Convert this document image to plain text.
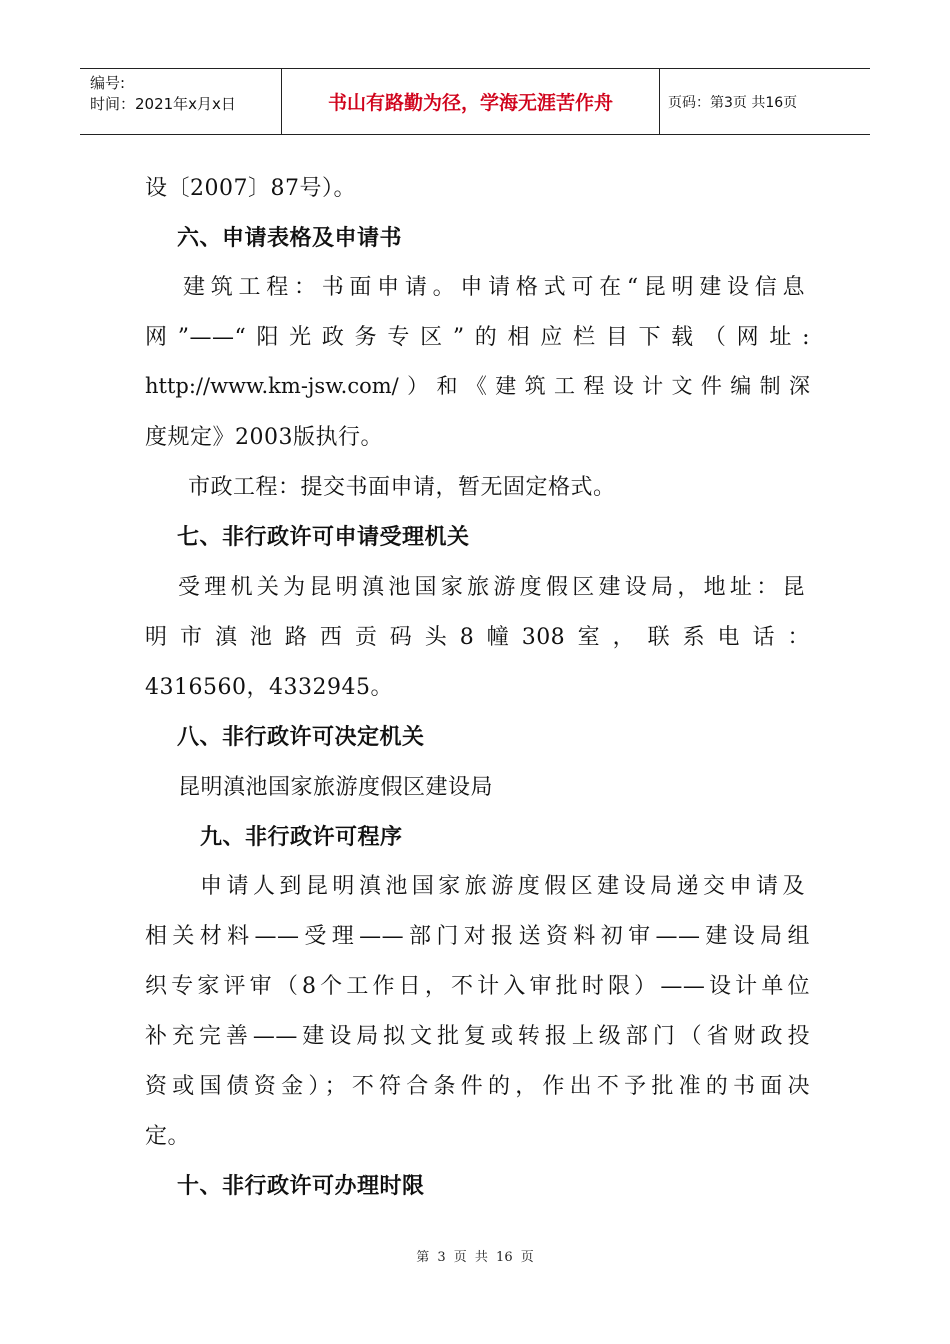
编号:
时间：2021年x月x日	书山有路勤为径，学海无涯苦作舟	页码：第3页 共16页

设〔2007〕87号）。

六、申请表格及申请书

建筑工程：书面申请。申请格式可在“昆明建设信息

网”——“阳光政务专区”的相应栏目下载（网址:

http://www.km-jsw.com/）和《建筑工程设计文件编制深

度规定》2003版执行。

市政工程：提交书面申请，暂无固定格式。

七、非行政许可申请受理机关

受理机关为昆明滇池国家旅游度假区建设局，地址：昆

明市滇池路西贡码头8幢308室，联系电话：

4316560，4332945。

八、非行政许可决定机关

昆明滇池国家旅游度假区建设局

九、非行政许可程序

申请人到昆明滇池国家旅游度假区建设局递交申请及

相关材料——受理——部门对报送资料初审——建设局组

织专家评审（8个工作日，不计入审批时限）——设计单位

补充完善——建设局拟文批复或转报上级部门（省财政投

资或国债资金）；不符合条件的，作出不予批准的书面决

定。

十、非行政许可办理时限

第 3 页 共 16 页
